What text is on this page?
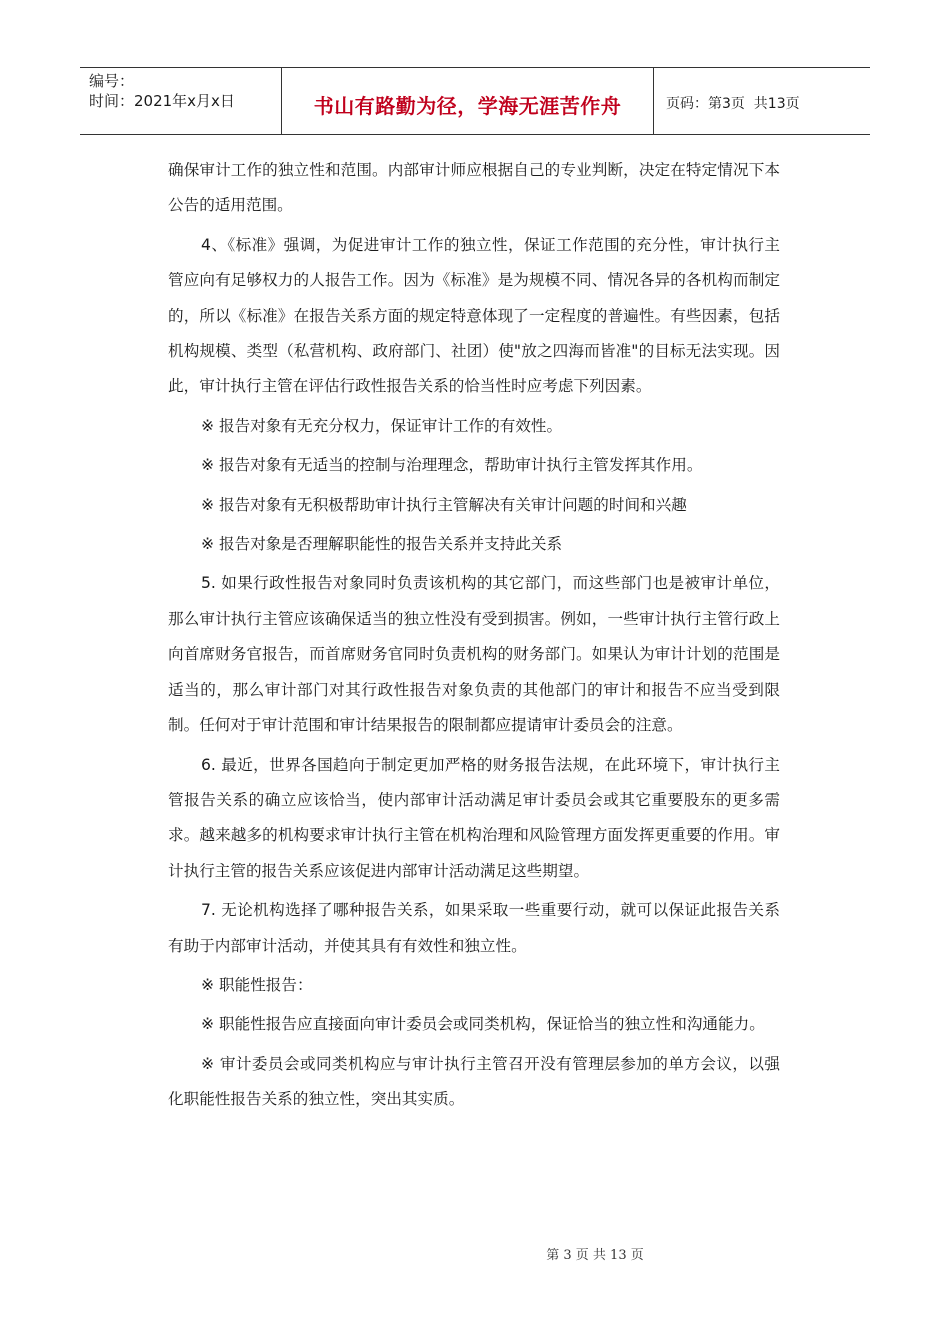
编号：
时间：2021年x月x日	书山有路勤为径，学海无涯苦作舟	页码：第3页  共13页

确保审计工作的独立性和范围。内部审计师应根据自己的专业判断，决定在特定情况下本公告的适用范围。

4、《标准》强调，为促进审计工作的独立性，保证工作范围的充分性，审计执行主管应向有足够权力的人报告工作。因为《标准》是为规模不同、情况各异的各机构而制定的，所以《标准》在报告关系方面的规定特意体现了一定程度的普遍性。有些因素，包括机构规模、类型（私营机构、政府部门、社团）使"放之四海而皆准"的目标无法实现。因此，审计执行主管在评估行政性报告关系的恰当性时应考虑下列因素。

※ 报告对象有无充分权力，保证审计工作的有效性。

※ 报告对象有无适当的控制与治理理念，帮助审计执行主管发挥其作用。

※ 报告对象有无积极帮助审计执行主管解决有关审计问题的时间和兴趣

※ 报告对象是否理解职能性的报告关系并支持此关系

5. 如果行政性报告对象同时负责该机构的其它部门，而这些部门也是被审计单位，那么审计执行主管应该确保适当的独立性没有受到损害。例如，一些审计执行主管行政上向首席财务官报告，而首席财务官同时负责机构的财务部门。如果认为审计计划的范围是适当的，那么审计部门对其行政性报告对象负责的其他部门的审计和报告不应当受到限制。任何对于审计范围和审计结果报告的限制都应提请审计委员会的注意。

6. 最近，世界各国趋向于制定更加严格的财务报告法规，在此环境下，审计执行主管报告关系的确立应该恰当，使内部审计活动满足审计委员会或其它重要股东的更多需求。越来越多的机构要求审计执行主管在机构治理和风险管理方面发挥更重要的作用。审计执行主管的报告关系应该促进内部审计活动满足这些期望。

7. 无论机构选择了哪种报告关系，如果采取一些重要行动，就可以保证此报告关系有助于内部审计活动，并使其具有有效性和独立性。

※ 职能性报告：

※ 职能性报告应直接面向审计委员会或同类机构，保证恰当的独立性和沟通能力。

※ 审计委员会或同类机构应与审计执行主管召开没有管理层参加的单方会议，以强化职能性报告关系的独立性，突出其实质。

第 3 页 共 13 页
